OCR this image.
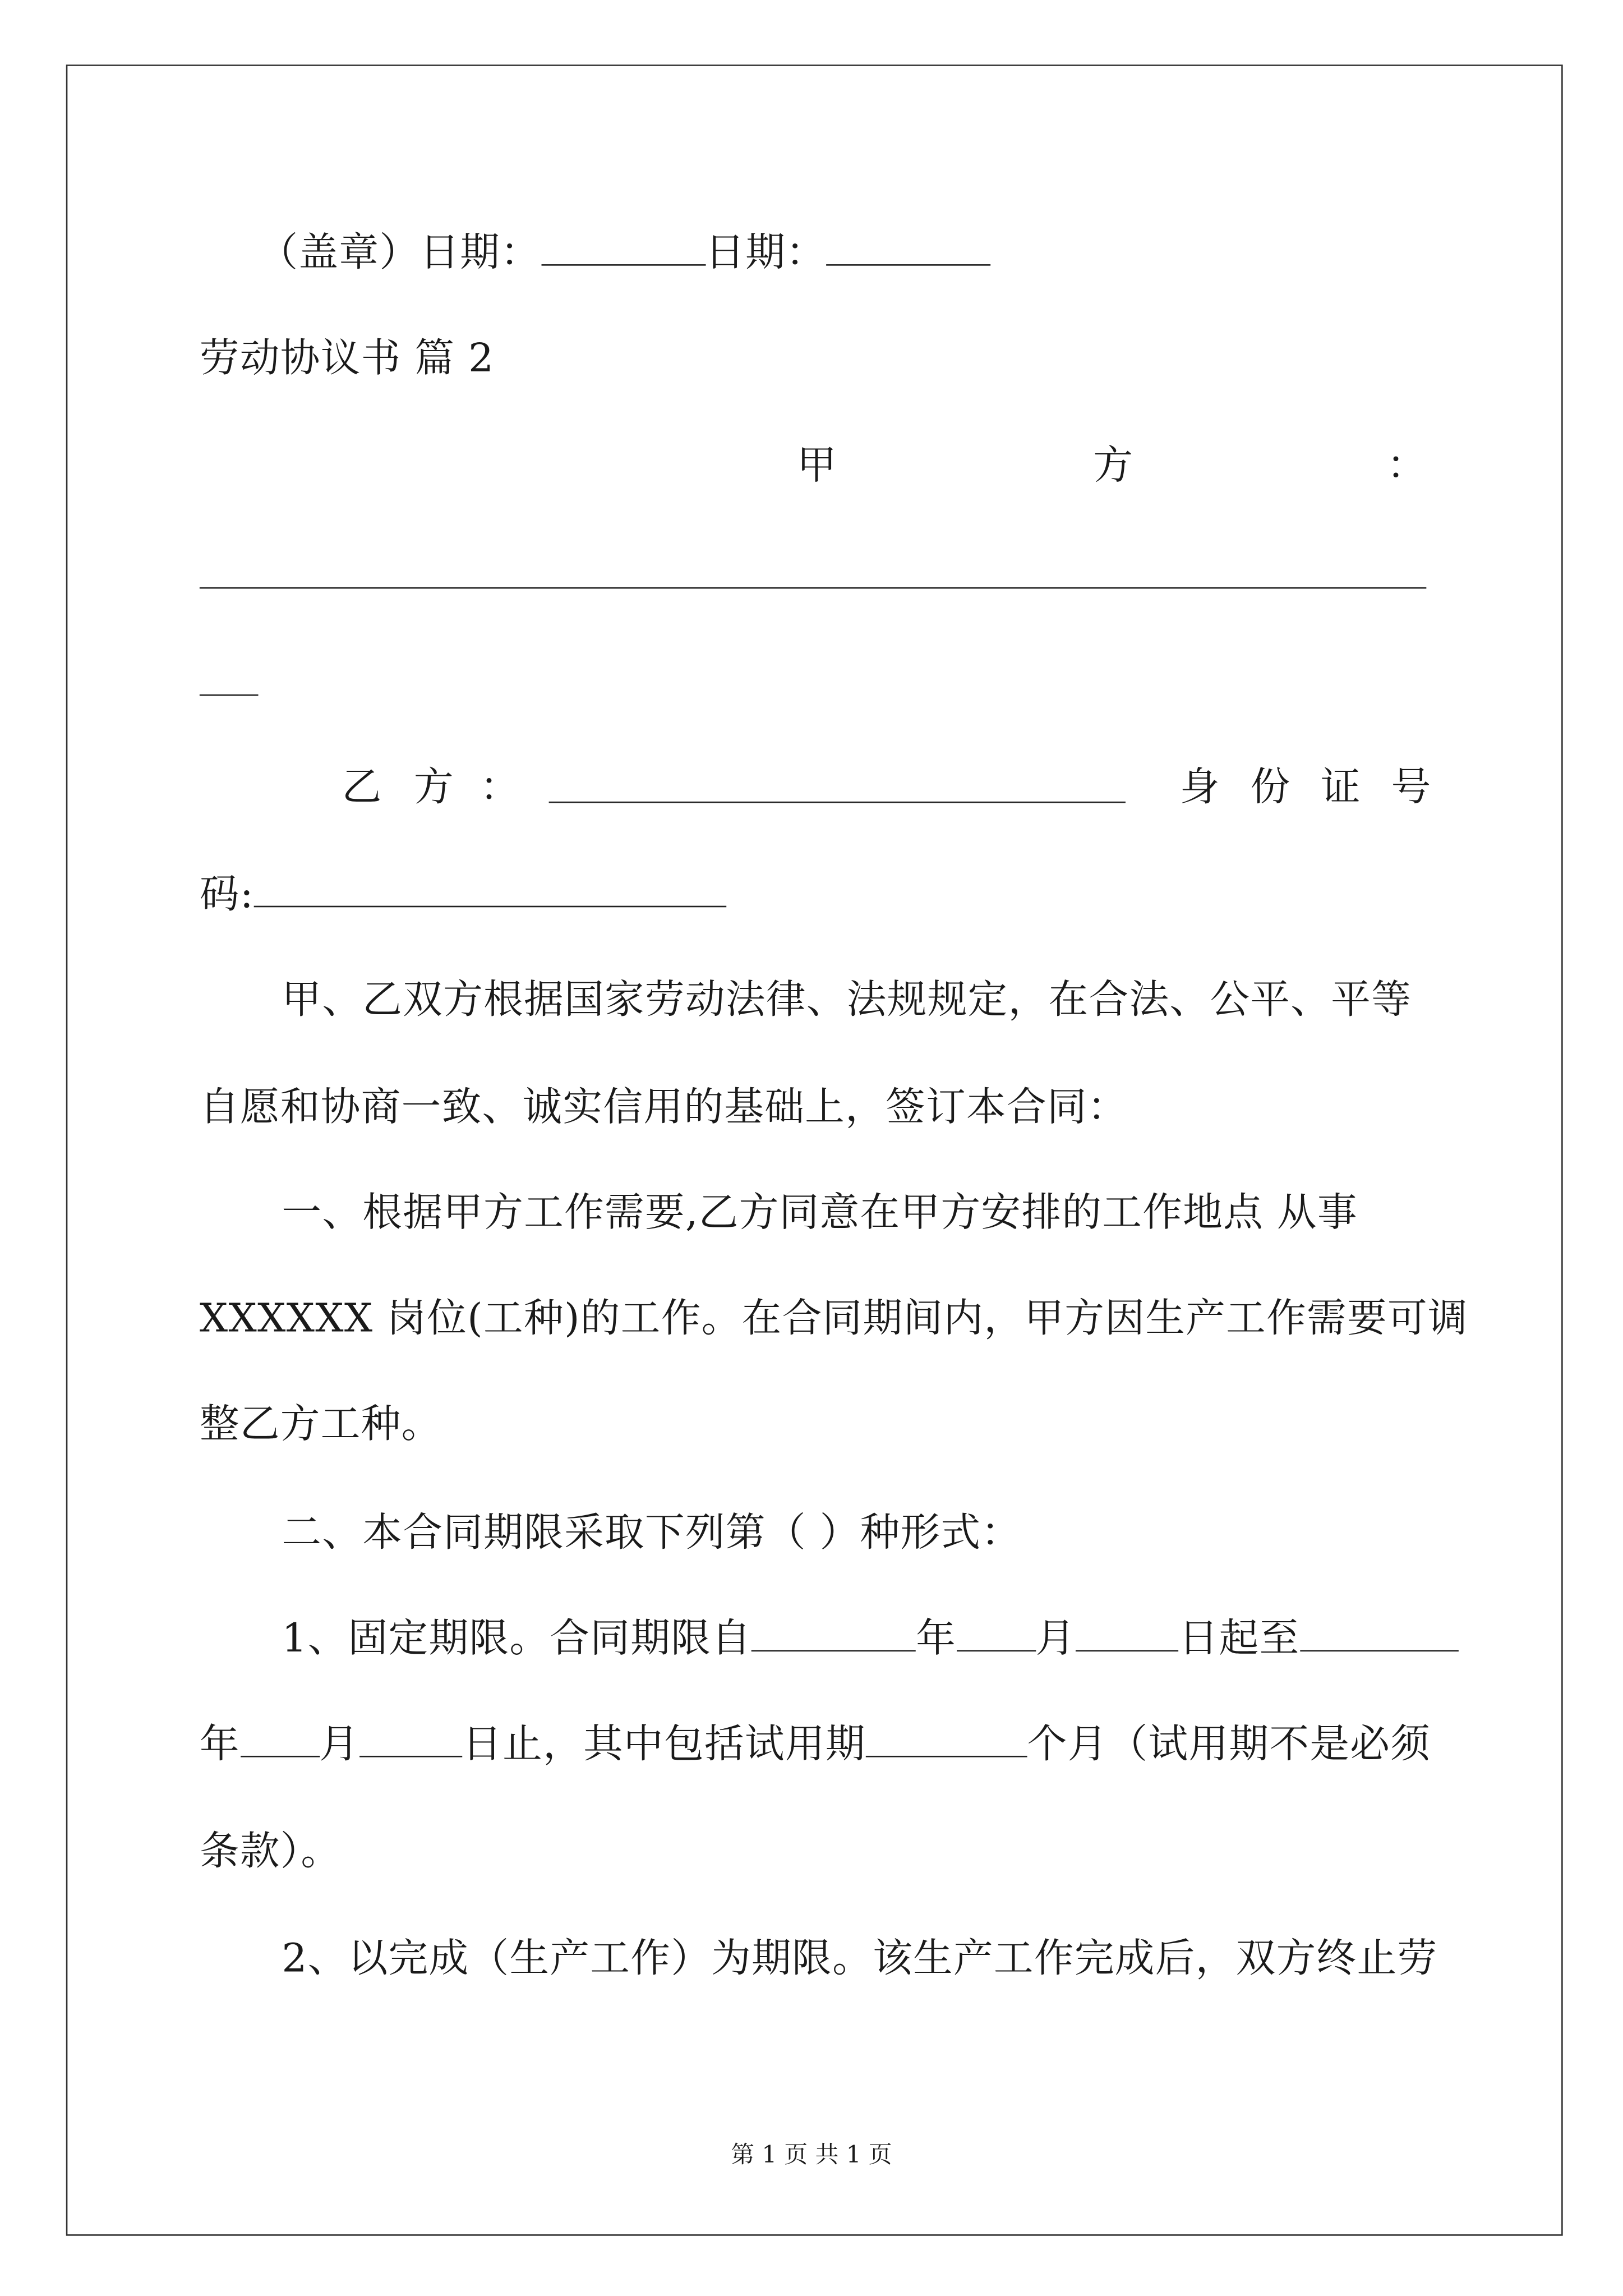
（盖章）日期：	日期：
劳动协议书 篇 2
甲	方	：
乙 方 ：	身 份 证 号
码:
甲、乙双方根据国家劳动法律、法规规定，在合法、公平、平等
自愿和协商一致、诚实信用的基础上，签订本合同：
一、根据甲方工作需要,乙方同意在甲方安排的工作地点 从事
XXXXXX 岗位(工种)的工作。在合同期间内，甲方因生产工作需要可调
整乙方工种。
二、本合同期限采取下列第（ ）种形式：
1、固定期限。合同期限自	年	月	日起至
年	月	日止，其中包括试用期	个月（试用期不是必须
条款）。
2、以完成（生产工作）为期限。该生产工作完成后，双方终止劳
第 1 页 共 1 页
